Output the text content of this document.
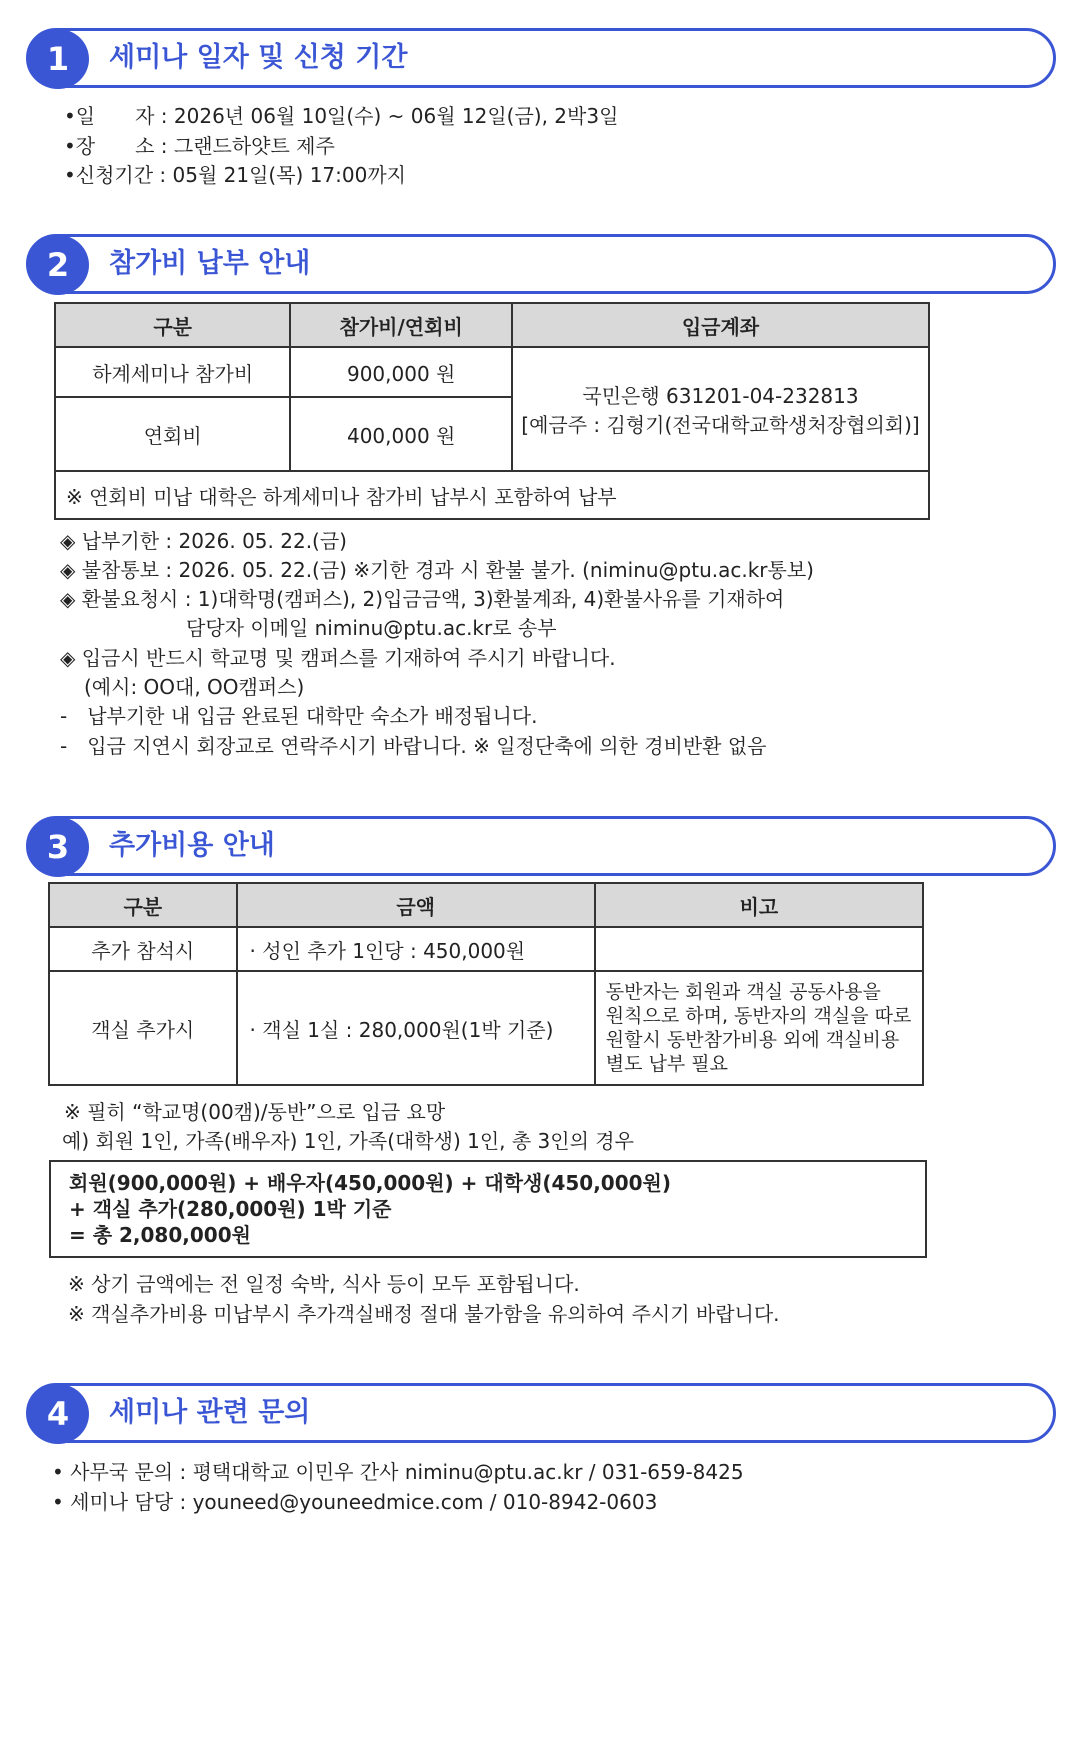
1	세미나 일자 및 신청 기간
•일　　자 : 2026년 06월 10일(수) ~ 06월 12일(금), 2박3일
•장　　소 : 그랜드하얏트 제주
•신청기간 : 05월 21일(목) 17:00까지
2	참가비 납부 안내
구분	참가비/연회비	입금계좌
하계세미나 참가비	900,000 원	국민은행 631201-04-232813
[예금주 : 김형기(전국대학교학생처장협의회)]

연회비	400,000 원	
※ 연회비 미납 대학은 하계세미나 참가비 납부시 포함하여 납부		
◈ 납부기한 : 2026. 05. 22.(금)
◈ 불참통보 : 2026. 05. 22.(금) ※기한 경과 시 환불 불가. (niminu@ptu.ac.kr통보)
◈ 환불요청시 : 1)대학명(캠퍼스), 2)입금금액, 3)환불계좌, 4)환불사유를 기재하여
담당자 이메일 niminu@ptu.ac.kr로 송부
◈ 입금시 반드시 학교명 및 캠퍼스를 기재하여 주시기 바랍니다.
(예시: OO대, OO캠퍼스)
-　납부기한 내 입금 완료된 대학만 숙소가 배정됩니다.
-　입금 지연시 회장교로 연락주시기 바랍니다. ※ 일정단축에 의한 경비반환 없음
3	추가비용 안내
구분	금액	비고
추가 참석시	· 성인 추가 1인당 : 450,000원	
객실 추가시	· 객실 1실 : 280,000원(1박 기준)	동반자는 회원과 객실 공동사용을
원칙으로 하며, 동반자의 객실을 따로
원할시 동반참가비용 외에 객실비용
별도 납부 필요
※ 필히 “학교명(00캠)/동반”으로 입금 요망
예) 회원 1인, 가족(배우자) 1인, 가족(대학생) 1인, 총 3인의 경우
회원(900,000원) + 배우자(450,000원) + 대학생(450,000원)
+ 객실 추가(280,000원) 1박 기준
= 총 2,080,000원
※ 상기 금액에는 전 일정 숙박, 식사 등이 모두 포함됩니다.
※ 객실추가비용 미납부시 추가객실배정 절대 불가함을 유의하여 주시기 바랍니다.
4	세미나 관련 문의
• 사무국 문의 : 평택대학교 이민우 간사 niminu@ptu.ac.kr / 031-659-8425
• 세미나 담당 : youneed@youneedmice.com / 010-8942-0603
